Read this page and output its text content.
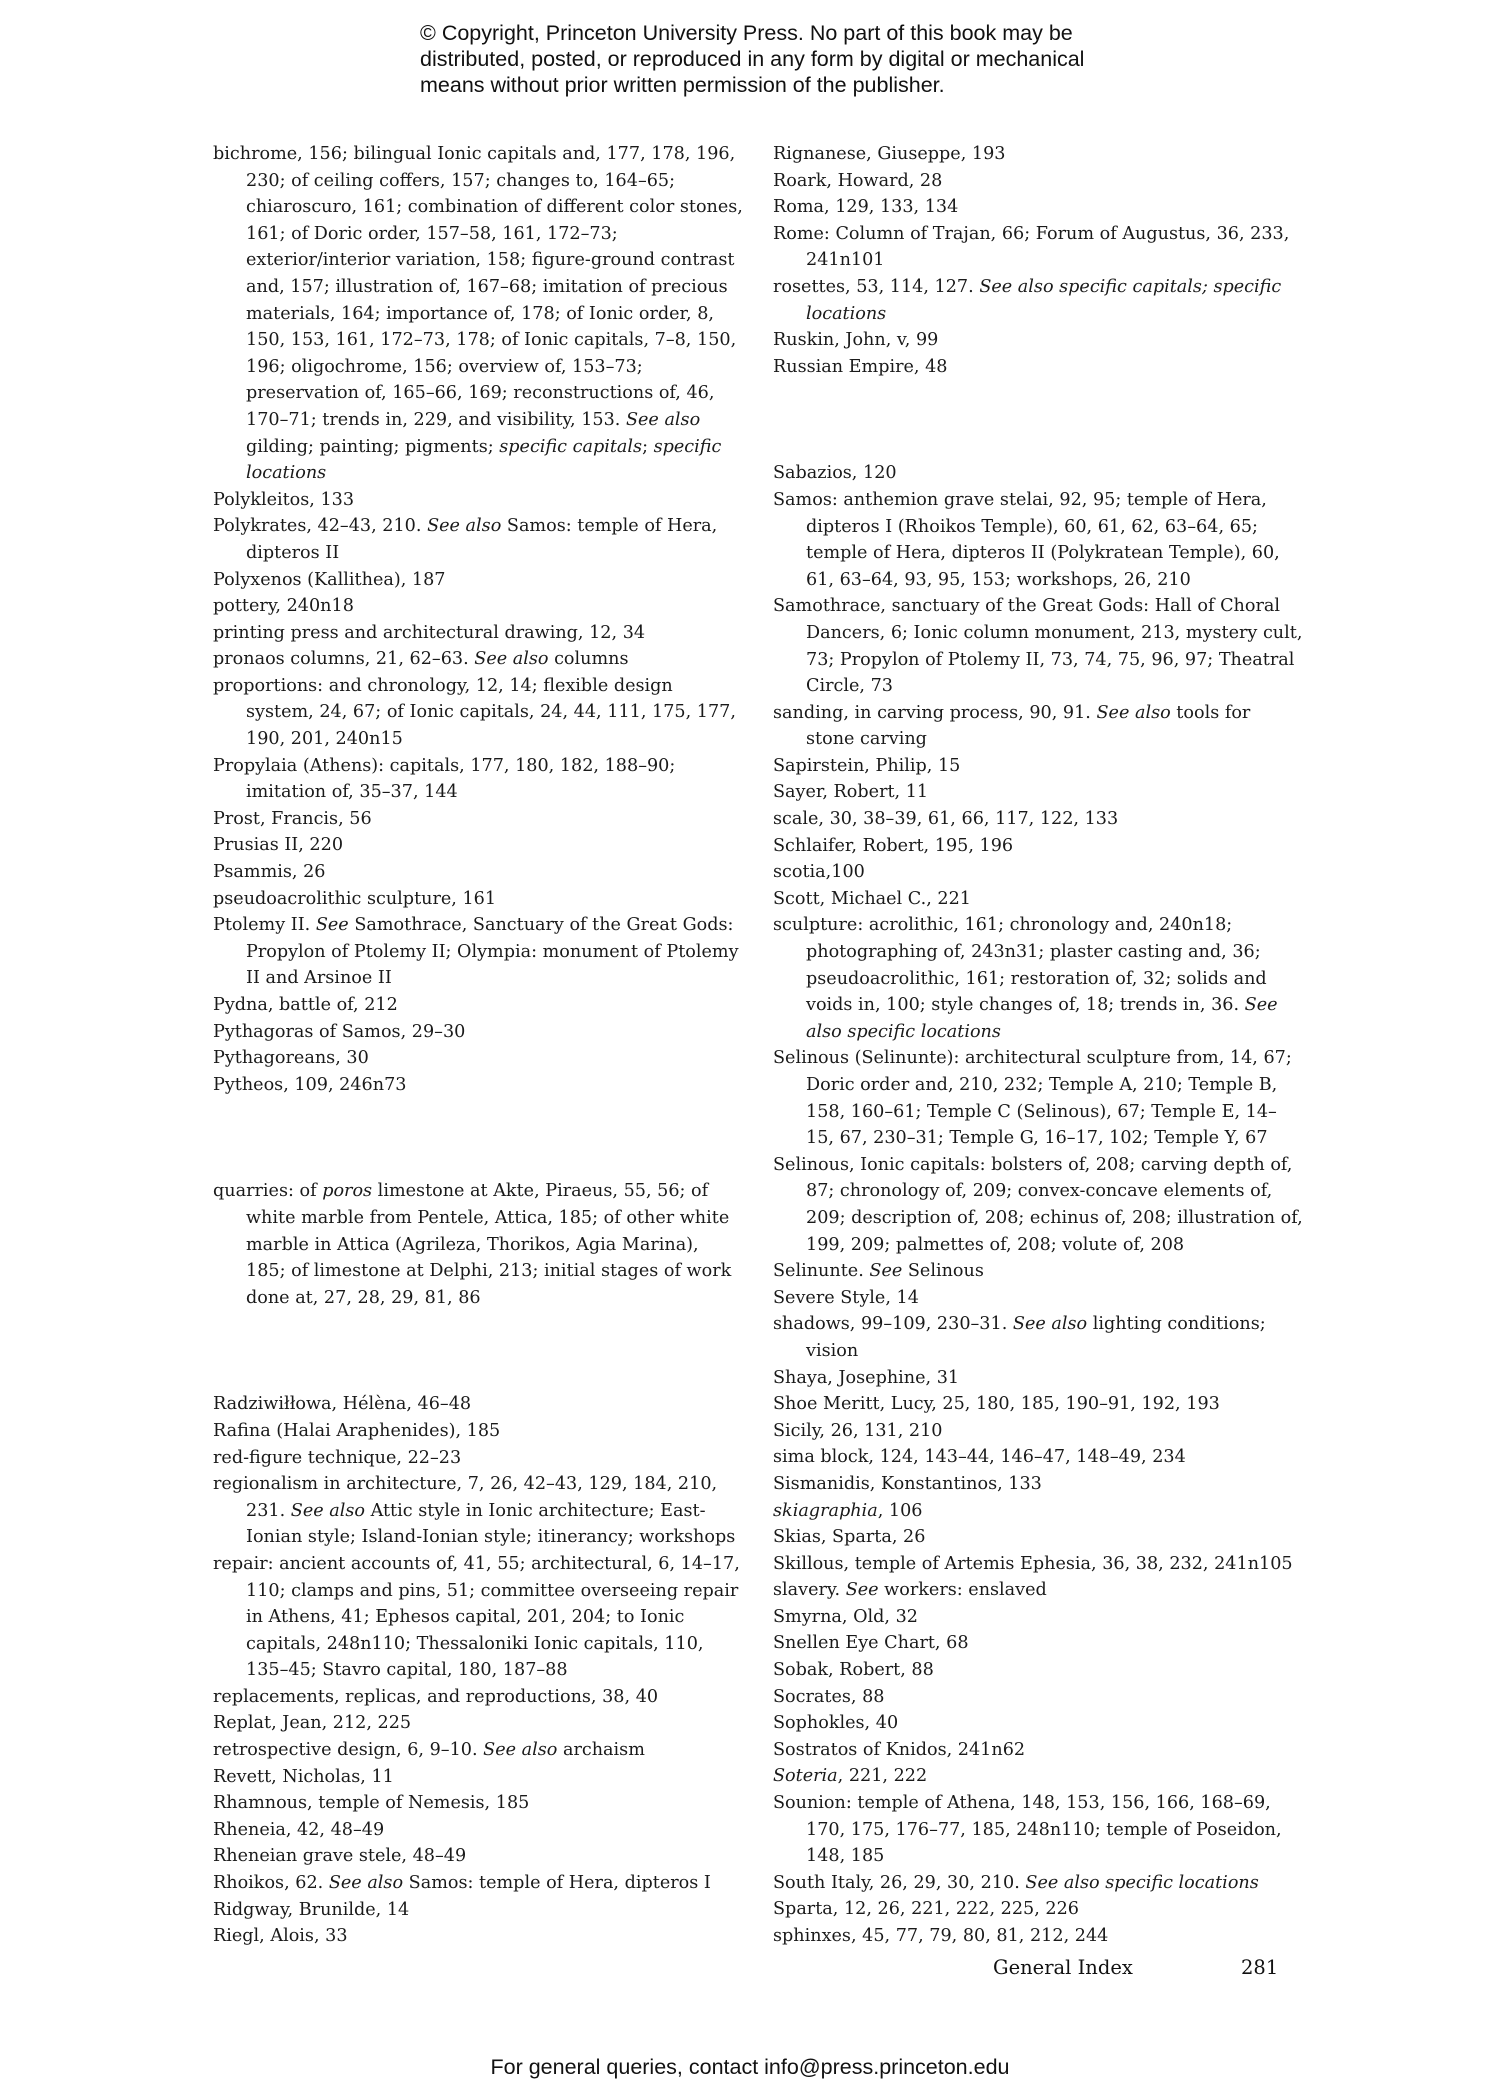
© Copyright, Princeton University Press. No part of this book may be
distributed, posted, or reproduced in any form by digital or mechanical
means without prior written permission of the publisher.
bichrome, 156; bilingual Ionic capitals and, 177, 178, 196, 230; of ceiling coffers, 157; changes to, 164–65; chiaroscuro, 161; combination of different color stones, 161; of Doric order, 157–58, 161, 172–73; exterior/interior variation, 158; figure-ground contrast and, 157; illustration of, 167–68; imitation of precious materials, 164; importance of, 178; of Ionic order, 8, 150, 153, 161, 172–73, 178; of Ionic capitals, 7–8, 150, 196; oligochrome, 156; overview of, 153–73; preservation of, 165–66, 169; reconstructions of, 46, 170–71; trends in, 229, and visibility, 153. See also gilding; painting; pigments; specific capitals; specific locations
Polykleitos, 133
Polykrates, 42–43, 210. See also Samos: temple of Hera, dipteros II
Polyxenos (Kallithea), 187
pottery, 240n18
printing press and architectural drawing, 12, 34
pronaos columns, 21, 62–63. See also columns
proportions: and chronology, 12, 14; flexible design system, 24, 67; of Ionic capitals, 24, 44, 111, 175, 177, 190, 201, 240n15
Propylaia (Athens): capitals, 177, 180, 182, 188–90; imitation of, 35–37, 144
Prost, Francis, 56
Prusias II, 220
Psammis, 26
pseudoacrolithic sculpture, 161
Ptolemy II. See Samothrace, Sanctuary of the Great Gods: Propylon of Ptolemy II; Olympia: monument of Ptolemy II and Arsinoe II
Pydna, battle of, 212
Pythagoras of Samos, 29–30
Pythagoreans, 30
Pytheos, 109, 246n73
quarries: of poros limestone at Akte, Piraeus, 55, 56; of white marble from Pentele, Attica, 185; of other white marble in Attica (Agrileza, Thorikos, Agia Marina), 185; of limestone at Delphi, 213; initial stages of work done at, 27, 28, 29, 81, 86
Radziwiłłowa, Hélèna, 46–48
Rafina (Halai Araphenides), 185
red-figure technique, 22–23
regionalism in architecture, 7, 26, 42–43, 129, 184, 210, 231. See also Attic style in Ionic architecture; East-Ionian style; Island-Ionian style; itinerancy; workshops
repair: ancient accounts of, 41, 55; architectural, 6, 14–17, 110; clamps and pins, 51; committee overseeing repair in Athens, 41; Ephesos capital, 201, 204; to Ionic capitals, 248n110; Thessaloniki Ionic capitals, 110, 135–45; Stavro capital, 180, 187–88
replacements, replicas, and reproductions, 38, 40
Replat, Jean, 212, 225
retrospective design, 6, 9–10. See also archaism
Revett, Nicholas, 11
Rhamnous, temple of Nemesis, 185
Rheneia, 42, 48–49
Rheneian grave stele, 48–49
Rhoikos, 62. See also Samos: temple of Hera, dipteros I
Ridgway, Brunilde, 14
Riegl, Alois, 33
Rignanese, Giuseppe, 193
Roark, Howard, 28
Roma, 129, 133, 134
Rome: Column of Trajan, 66; Forum of Augustus, 36, 233, 241n101
rosettes, 53, 114, 127. See also specific capitals; specific locations
Ruskin, John, v, 99
Russian Empire, 48
Sabazios, 120
Samos: anthemion grave stelai, 92, 95; temple of Hera, dipteros I (Rhoikos Temple), 60, 61, 62, 63–64, 65; temple of Hera, dipteros II (Polykratean Temple), 60, 61, 63–64, 93, 95, 153; workshops, 26, 210
Samothrace, sanctuary of the Great Gods: Hall of Choral Dancers, 6; Ionic column monument, 213, mystery cult, 73; Propylon of Ptolemy II, 73, 74, 75, 96, 97; Theatral Circle, 73
sanding, in carving process, 90, 91. See also tools for stone carving
Sapirstein, Philip, 15
Sayer, Robert, 11
scale, 30, 38–39, 61, 66, 117, 122, 133
Schlaifer, Robert, 195, 196
scotia,100
Scott, Michael C., 221
sculpture: acrolithic, 161; chronology and, 240n18; photographing of, 243n31; plaster casting and, 36; pseudoacrolithic, 161; restoration of, 32; solids and voids in, 100; style changes of, 18; trends in, 36. See also specific locations
Selinous (Selinunte): architectural sculpture from, 14, 67; Doric order and, 210, 232; Temple A, 210; Temple B, 158, 160–61; Temple C (Selinous), 67; Temple E, 14–15, 67, 230–31; Temple G, 16–17, 102; Temple Y, 67
Selinous, Ionic capitals: bolsters of, 208; carving depth of, 87; chronology of, 209; convex-concave elements of, 209; description of, 208; echinus of, 208; illustration of, 199, 209; palmettes of, 208; volute of, 208
Selinunte. See Selinous
Severe Style, 14
shadows, 99–109, 230–31. See also lighting conditions; vision
Shaya, Josephine, 31
Shoe Meritt, Lucy, 25, 180, 185, 190–91, 192, 193
Sicily, 26, 131, 210
sima block, 124, 143–44, 146–47, 148–49, 234
Sismanidis, Konstantinos, 133
skiagraphia, 106
Skias, Sparta, 26
Skillous, temple of Artemis Ephesia, 36, 38, 232, 241n105
slavery. See workers: enslaved
Smyrna, Old, 32
Snellen Eye Chart, 68
Sobak, Robert, 88
Socrates, 88
Sophokles, 40
Sostratos of Knidos, 241n62
Soteria, 221, 222
Sounion: temple of Athena, 148, 153, 156, 166, 168–69, 170, 175, 176–77, 185, 248n110; temple of Poseidon, 148, 185
South Italy, 26, 29, 30, 210. See also specific locations
Sparta, 12, 26, 221, 222, 225, 226
sphinxes, 45, 77, 79, 80, 81, 212, 244
General Index	281
For general queries, contact info@press.princeton.edu
